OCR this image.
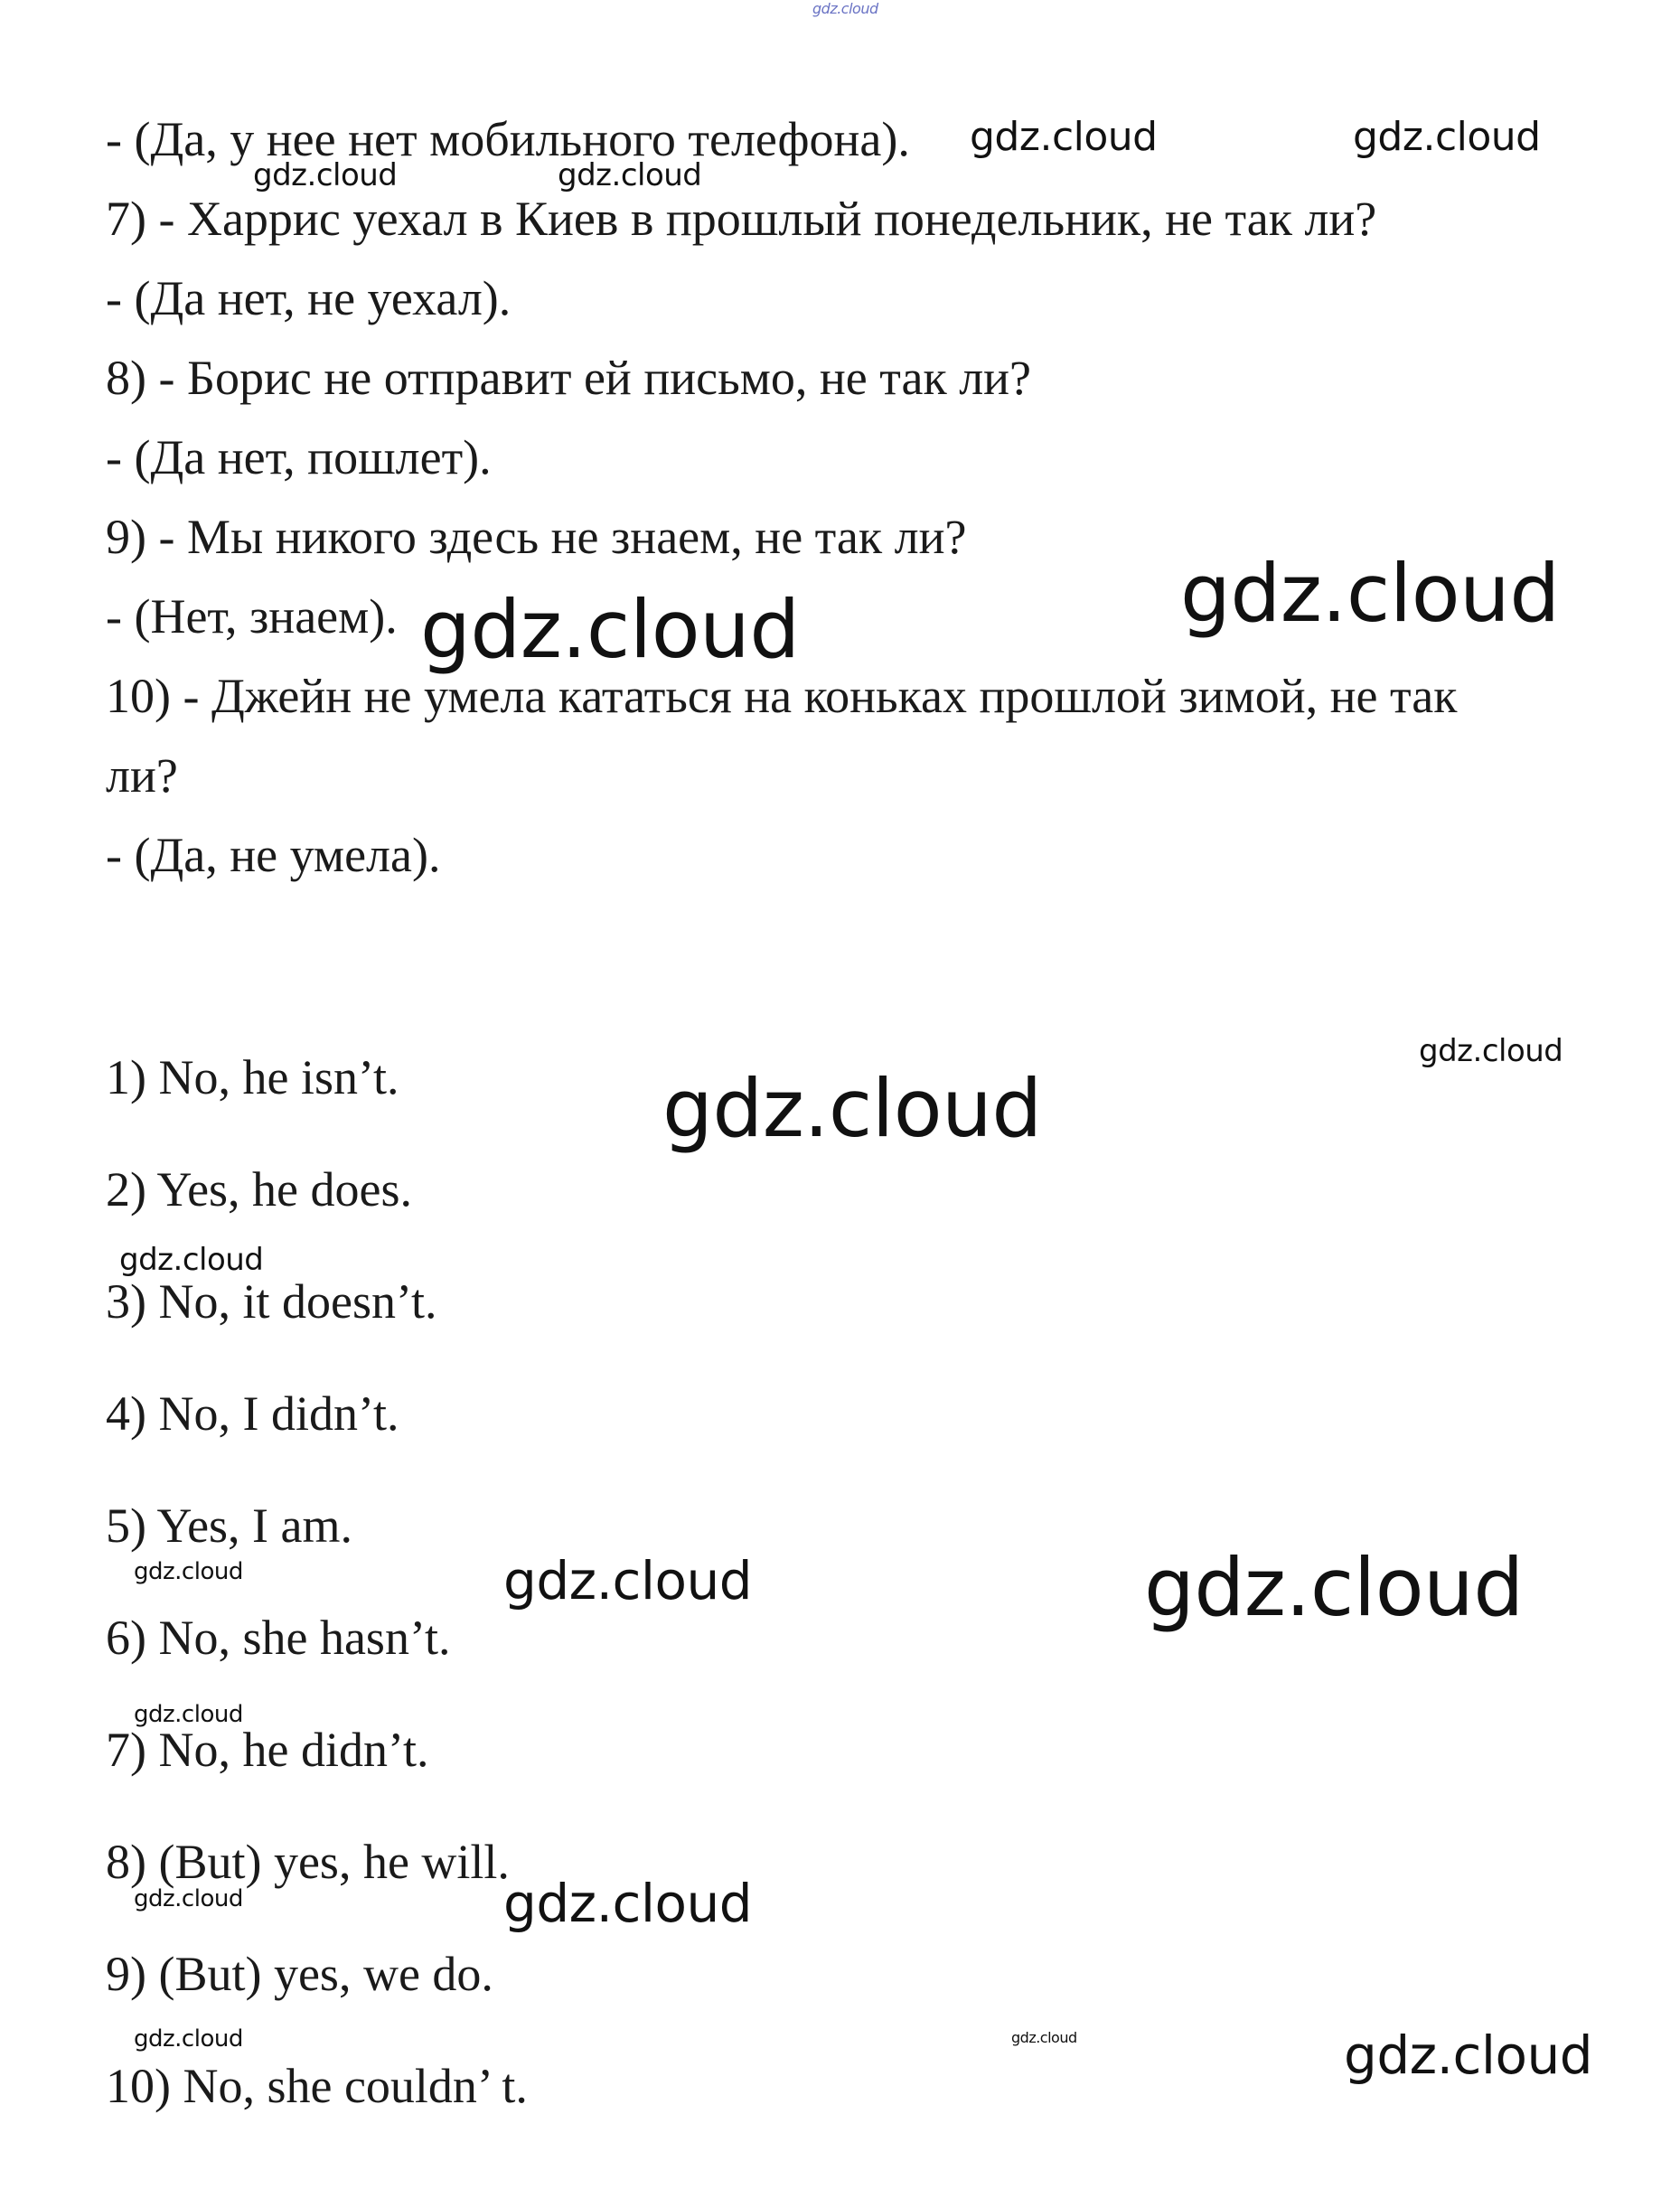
- (Да, у нее нет мобильного телефона).
7) - Харрис уехал в Киев в прошлый понедельник, не так ли?
- (Да нет, не уехал).
8) - Борис не отправит ей письмо, не так ли?
- (Да нет, пошлет).
9) - Мы никого здесь не знаем, не так ли?
- (Нет, знаем).
10) - Джейн не умела кататься на коньках прошлой зимой, не так
ли?
- (Да, не умела).
1) No, he isn’t.
2) Yes, he does.
3) No, it doesn’t.
4) No, I didn’t.
5) Yes, I am.
6) No, she hasn’t.
7) No, he didn’t.
8) (But) yes, he will.
9) (But) yes, we do.
10) No, she couldn’ t.
gdz.cloud
gdz.cloud	gdz.cloud
gdz.cloud	gdz.cloud
gdz.cloud
gdz.cloud
gdz.cloud
gdz.cloud
gdz.cloud
gdz.cloud	gdz.cloud	gdz.cloud
gdz.cloud
gdz.cloud	gdz.cloud
gdz.cloud	gdz.cloud	gdz.cloud
